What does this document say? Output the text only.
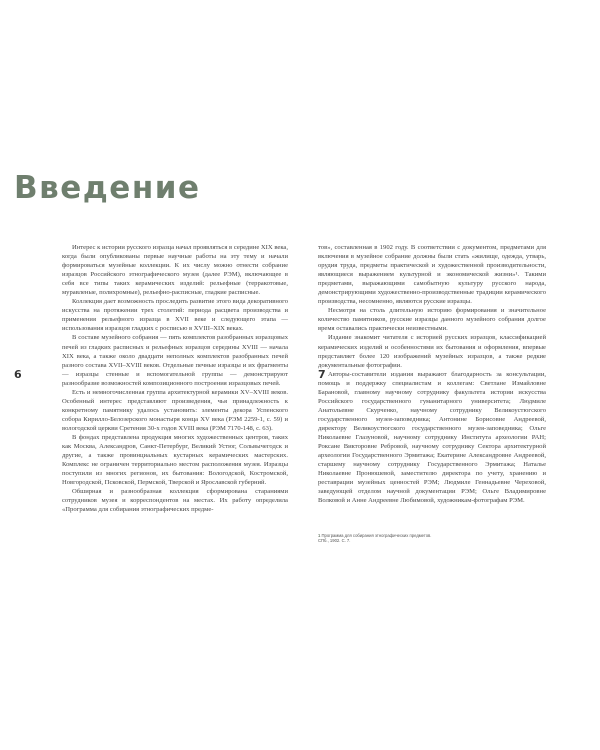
Введение

Интерес к истории русского изразца начал проявляться в середине XIX века, когда были опубликованы первые научные работы на эту тему и начали формироваться музейные коллекции. К их числу можно отнести собрание изразцов Российского этнографического музея (далее РЭМ), включающее в себя все типы таких керамических изделий: рельефные (терракотовые, муравленые, полихромные), рельефно-расписные, гладкие расписные.

Коллекция дает возможность проследить развитие этого вида декоративного искусства на протяжении трех столетий: периода расцвета производства и применения рельефного изразца в XVII веке и следующего этапа — использования изразцов гладких с росписью в XVIII–XIX веках.

В составе музейного собрания — пять комплектов разобранных изразцовых печей из гладких расписных и рельефных изразцов середины XVIII — начала XIX века, а также около двадцати неполных комплектов разобранных печей разного состава XVII–XVIII веков. Отдельные печные изразцы и их фрагменты — изразцы стенные и вспомогательной группы — демонстрируют разнообразие возможностей композиционного построения изразцовых печей.

Есть и немногочисленная группа архитектурной керамики XV–XVIII веков. Особенный интерес представляют произведения, чья принадлежность к конкретному памятнику удалось установить: элементы декора Успенского собора Кирилло-Белозерского монастыря конца XV века (РЭМ 2259-1, с. 59) и вологодской церкви Сретения 30-х годов XVIII века (РЭМ 7170-148, с. 63).

В фондах представлена продукция многих художественных центров, таких как Москва, Александров, Санкт-Петербург, Великий Устюг, Сольвычегодск и другие, а также провинциальных кустарных керамических мастерских. Комплекс не ограничен территориально местом расположения музея. Изразцы поступили из многих регионов, их бытования: Вологодской, Костромской, Новгородской, Псковской, Пермской, Тверской и Ярославской губерний.

Обширная и разнообразная коллекция сформирована стараниями сотрудников музея и корреспондентов на местах. Их работу определила «Программа для собирания этнографических предме-

тов», составленная в 1902 году. В соответствии с документом, предметами для включения в музейное собрание должны были стать «жилище, одежда, утварь, орудия труда, предметы практической и художественной производительности, являющиеся выражением культурной и экономической жизни»¹. Такими предметами, выражающими самобытную культуру русского народа, демонстрирующими художественно-производственные традиции керамического производства, несомненно, являются русские изразцы.

Несмотря на столь длительную историю формирования и значительное количество памятников, русские изразцы данного музейного собрания долгое время оставались практически неизвестными.

Издание знакомит читателя с историей русских изразцов, классификацией керамических изделий и особенностями их бытования и оформления, впервые представляет более 120 изображений музейных изразцов, а также редкие документальные фотографии.

Авторы-составители издания выражают благодарность за консультации, помощь и поддержку специалистам и коллегам: Светлане Измайловне Барановой, главному научному сотруднику факультета истории искусства Российского государственного гуманитарного университета; Людмиле Анатольевне Скурченко, научному сотруднику Великоустюгского государственного музея-заповедника; Антонине Борисовне Андреевой, директору Великоустюгского государственного музея-заповедника; Ольге Николаевне Глазуновой, научному сотруднику Института археологии РАН; Роксане Викторовне Ребровой, научному сотруднику Сектора архитектурной археологии Государственного Эрмитажа; Екатерине Александровне Андреевой, старшему научному сотруднику Государственного Эрмитажа; Наталье Николаевне Пронюшевой, заместителю директора по учету, хранению и реставрации музейных ценностей РЭМ; Людмиле Геннадьевне Череховой, заведующей отделом научной документации РЭМ; Ольге Владимировне Волковой и Анне Андреевне Любимовой, художникам-фотографам РЭМ.

6	7
1 Программа для собирания этнографических предметов. СПб., 1902. С. 7.
